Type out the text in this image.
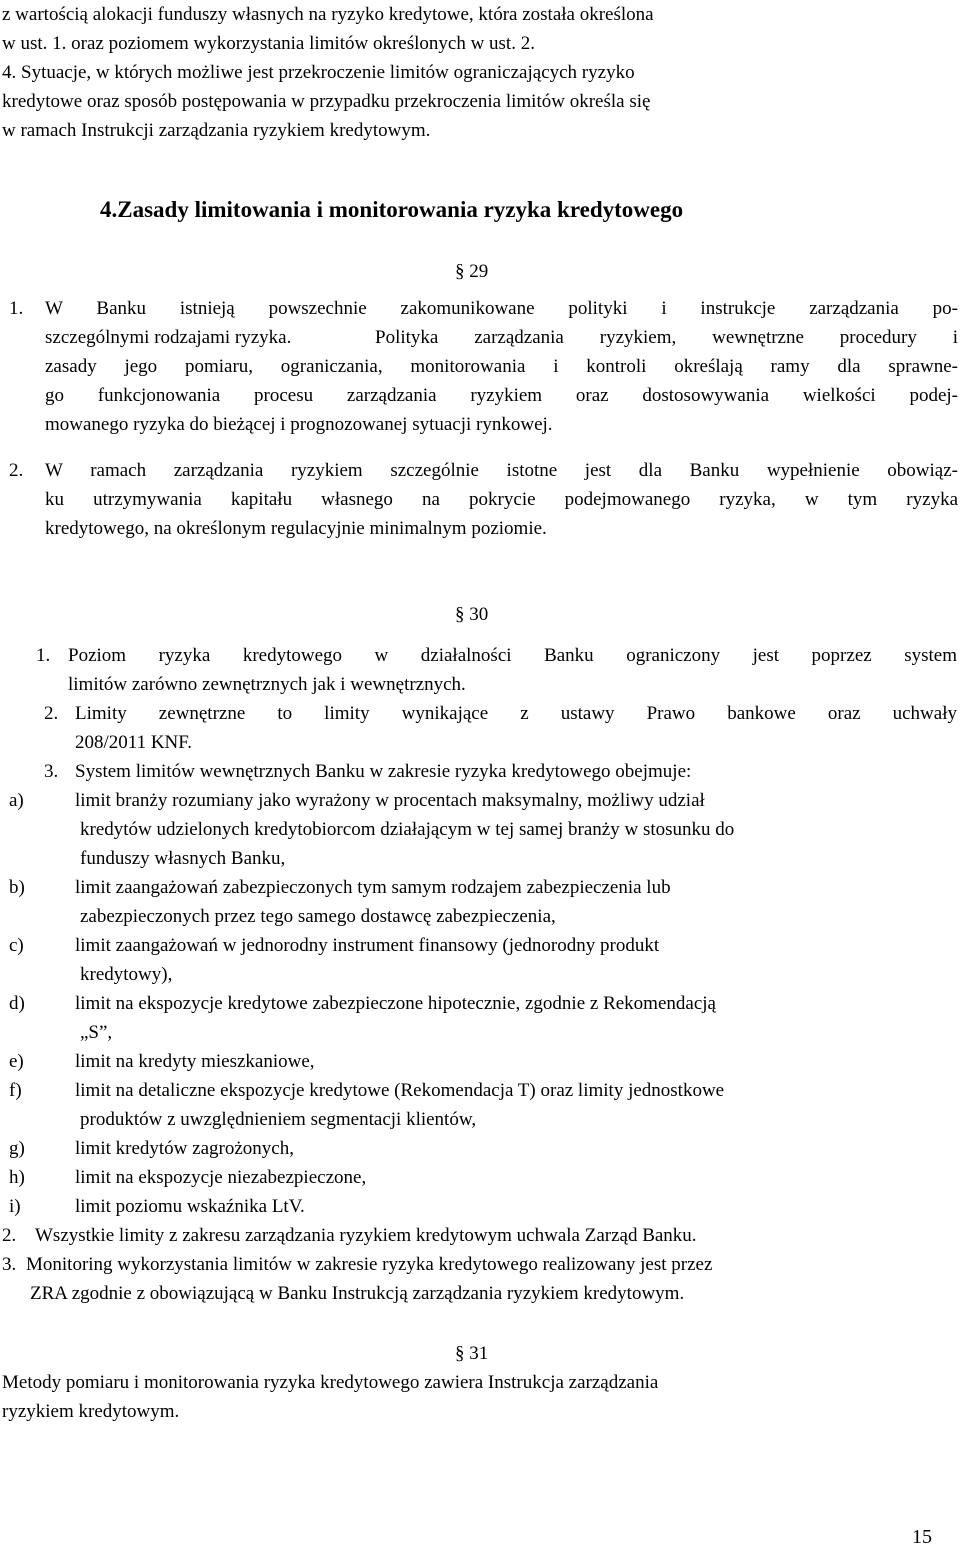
z wartością alokacji funduszy własnych na ryzyko kredytowe, która została określona
w ust. 1. oraz poziomem wykorzystania limitów określonych w ust. 2.
4. Sytuacje, w których możliwe jest przekroczenie limitów ograniczających ryzyko
kredytowe oraz sposób postępowania w przypadku przekroczenia limitów określa się
w ramach Instrukcji zarządzania ryzykiem kredytowym.
4.Zasady limitowania i monitorowania ryzyka kredytowego
§ 29
1. W Banku istnieją powszechnie zakomunikowane polityki i instrukcje zarządzania po-
szczególnymi rodzajami ryzyka.	Polityka zarządzania ryzykiem, wewnętrzne procedury i
zasady jego pomiaru, ograniczania, monitorowania i kontroli określają ramy dla sprawne-
go funkcjonowania procesu zarządzania ryzykiem oraz dostosowywania wielkości podej-
mowanego ryzyka do bieżącej i prognozowanej sytuacji rynkowej.
2. W ramach zarządzania ryzykiem szczególnie istotne jest dla Banku wypełnienie obowiąz-
ku utrzymywania kapitału własnego na pokrycie podejmowanego ryzyka, w tym ryzyka
kredytowego, na określonym regulacyjnie minimalnym poziomie.
§ 30
1. Poziom ryzyka kredytowego w działalności Banku ograniczony jest poprzez system
limitów zarówno zewnętrznych jak i wewnętrznych.
2. Limity zewnętrzne to limity wynikające z ustawy Prawo bankowe oraz uchwały
208/2011 KNF.
3. System limitów wewnętrznych Banku w zakresie ryzyka kredytowego obejmuje:
a)	limit branży rozumiany jako wyrażony w procentach maksymalny, możliwy udział
kredytów udzielonych kredytobiorcom działającym w tej samej branży w stosunku do
funduszy własnych Banku,
b)	limit zaangażowań zabezpieczonych tym samym rodzajem zabezpieczenia lub
zabezpieczonych przez tego samego dostawcę zabezpieczenia,
c)	limit zaangażowań w jednorodny instrument finansowy (jednorodny produkt
kredytowy),
d)	limit na ekspozycje kredytowe zabezpieczone hipotecznie, zgodnie z Rekomendacją
„S”,
e)	limit na kredyty mieszkaniowe,
f)	limit na detaliczne ekspozycje kredytowe (Rekomendacja T) oraz limity jednostkowe
produktów z uwzględnieniem segmentacji klientów,
g)	limit kredytów zagrożonych,
h)	limit na ekspozycje niezabezpieczone,
i)	limit poziomu wskaźnika LtV.
2. Wszystkie limity z zakresu zarządzania ryzykiem kredytowym uchwala Zarząd Banku.
3. Monitoring wykorzystania limitów w zakresie ryzyka kredytowego realizowany jest przez
ZRA zgodnie z obowiązującą w Banku Instrukcją zarządzania ryzykiem kredytowym.
§ 31
Metody pomiaru i monitorowania ryzyka kredytowego zawiera Instrukcja zarządzania
ryzykiem kredytowym.
15
